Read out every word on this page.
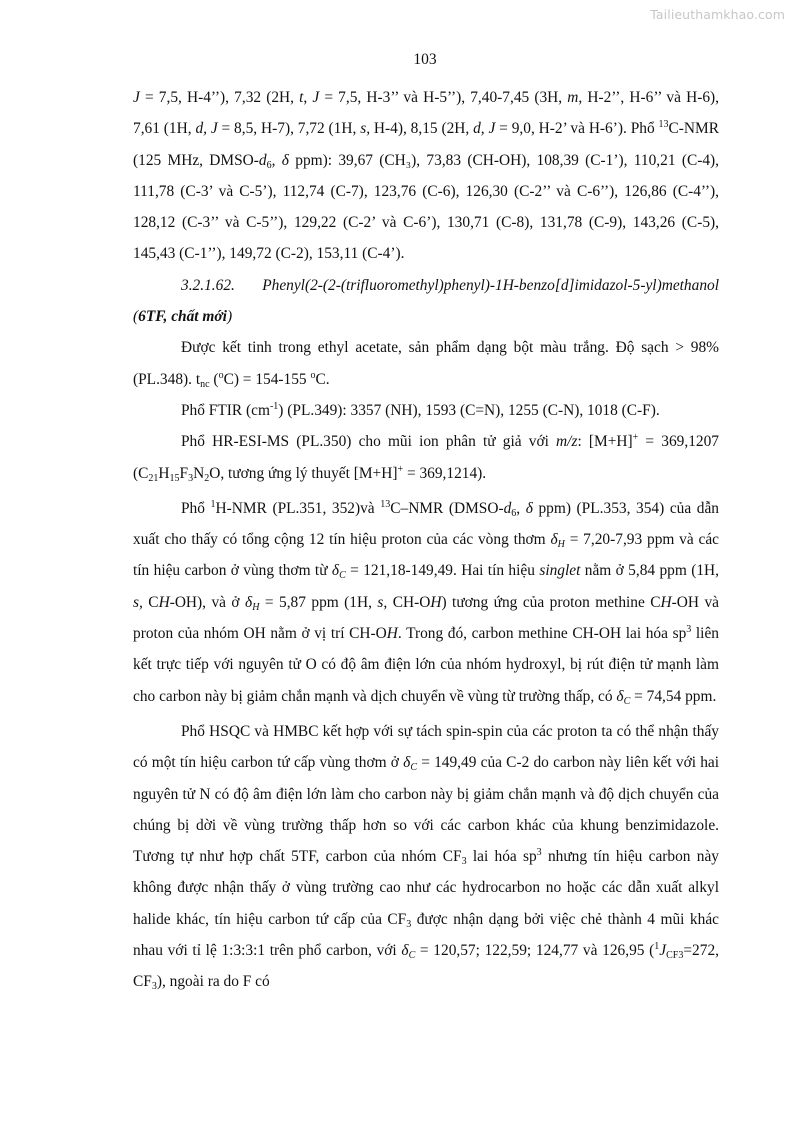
Tailieuthamkhao.com
103

J = 7,5, H-4’’), 7,32 (2H, t, J = 7,5, H-3’’ và H-5’’), 7,40-7,45 (3H, m, H-2’’, H-6’’ và H-6), 7,61 (1H, d, J = 8,5, H-7), 7,72 (1H, s, H-4), 8,15 (2H, d, J = 9,0, H-2’ và H-6’). Phổ $^{13}$C-NMR (125 MHz, DMSO-$d_6$, δ ppm): 39,67 (CH₃), 73,83 (CH-OH), 108,39 (C-1’), 110,21 (C-4), 111,78 (C-3’ và C-5’), 112,74 (C-7), 123,76 (C-6), 126,30 (C-2’’ và C-6’’), 126,86 (C-4’’), 128,12 (C-3’’ và C-5’’), 129,22 (C-2’ và C-6’), 130,71 (C-8), 131,78 (C-9), 143,26 (C-5), 145,43 (C-1’’), 149,72 (C-2), 153,11 (C-4’).

3.2.1.62. Phenyl(2-(2-(trifluoromethyl)phenyl)-1H-benzo[d]imidazol-5-yl)methanol (6TF, chất mới)

Được kết tinh trong ethyl acetate, sản phẩm dạng bột màu trắng. Độ sạch > 98% (PL.348). $t_{nc}$ ($^o$C) = 154-155 $^o$C.

Phổ FTIR $(cm^{-1})$ (PL.349): 3357 (NH), 1593 (C=N), 1255 (C-N), 1018 (C-F).

Phổ HR-ESI-MS (PL.350) cho mũi ion phân tử giả với m/z: [M+H]+ = 369,1207 ($C_{21}H_{15}F_3N_2O$, tương ứng lý thuyết [M+H]+ = 369,1214).

Phổ $^1$H-NMR (PL.351, 352)và $^{13}$C–NMR ($DMSO-d_6$, δ ppm) (PL.353, 354) của dẫn xuất cho thấy có tổng cộng 12 tín hiệu proton của các vòng thơm $\delta_H = 7,20-7,93$ ppm và các tín hiệu carbon ở vùng thơm từ $\delta_C = 121,18-149,49$. Hai tín hiệu singlet nằm ở 5,84 ppm (1H, s, CH-OH), và ở $\delta_H = 5,87$ ppm (1H, s, CH-OH) tương ứng của proton methine CH-OH và proton của nhóm OH nằm ở vị trí CH-OH. Trong đó, carbon methine CH-OH lai hóa $sp^3$ liên kết trực tiếp với nguyên tử O có độ âm điện lớn của nhóm hydroxyl, bị rút điện tử mạnh làm cho carbon này bị giảm chắn mạnh và dịch chuyển về vùng từ trường thấp, có $\delta_C = 74,54$ ppm.

Phổ HSQC và HMBC kết hợp với sự tách spin-spin của các proton ta có thể nhận thấy có một tín hiệu carbon tứ cấp vùng thơm ở $\delta_C = 149,49$ của C-2 do carbon này liên kết với hai nguyên tử N có độ âm điện lớn làm cho carbon này bị giảm chắn mạnh và độ dịch chuyển của chúng bị dời về vùng trường thấp hơn so với các carbon khác của khung benzimidazole. Tương tự như hợp chất 5TF, carbon của nhóm $CF_3$ lai hóa $sp^3$ nhưng tín hiệu carbon này không được nhận thấy ở vùng trường cao như các hydrocarbon no hoặc các dẫn xuất alkyl halide khác, tín hiệu carbon tứ cấp của $CF_3$ được nhận dạng bởi việc chẻ thành 4 mũi khác nhau với tỉ lệ 1:3:3:1 trên phổ carbon, với $\delta_C = 120,57$; 122,59; 124,77 và 126,95 ($^1J_{CF3}=272$, $CF_3$), ngoài ra do F có
